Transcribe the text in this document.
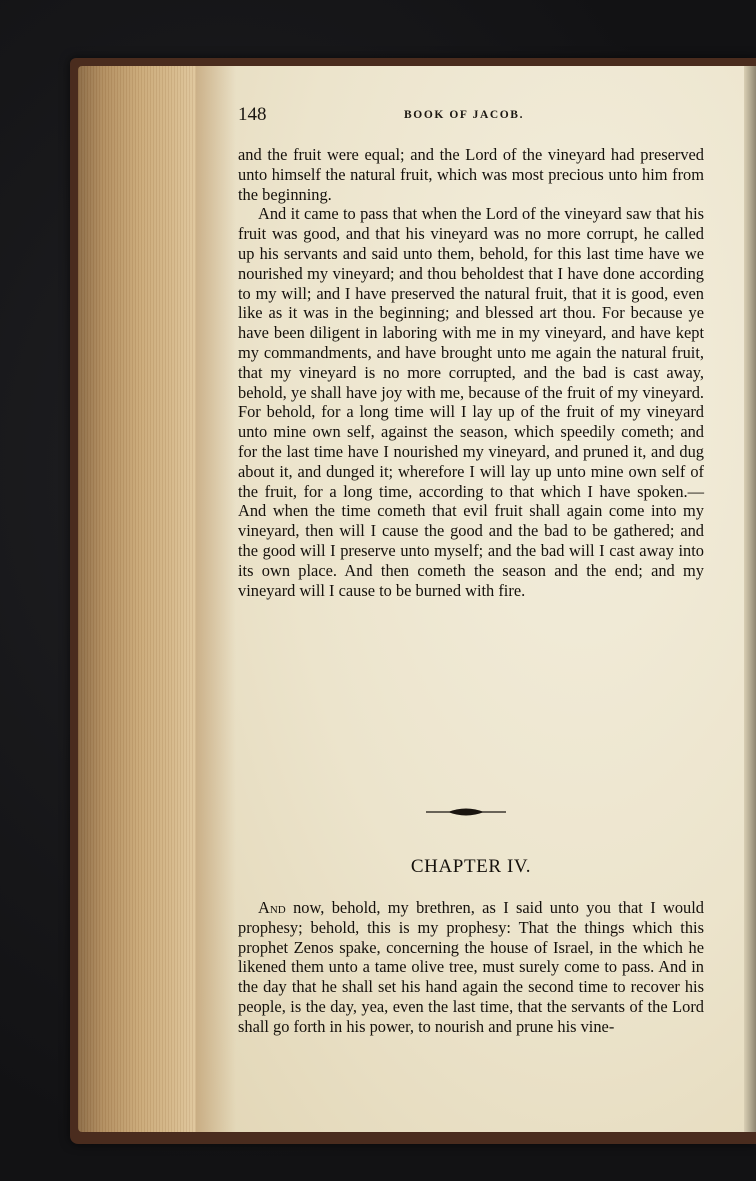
148	BOOK OF JACOB.

and the fruit were equal; and the Lord of the vineyard had preserved unto himself the natural fruit, which was most precious unto him from the beginning.

And it came to pass that when the Lord of the vineyard saw that his fruit was good, and that his vineyard was no more corrupt, he called up his servants and said unto them, behold, for this last time have we nourished my vineyard; and thou beholdest that I have done according to my will; and I have preserved the natural fruit, that it is good, even like as it was in the beginning; and blessed art thou. For because ye have been diligent in laboring with me in my vineyard, and have kept my commandments, and have brought unto me again the natural fruit, that my vineyard is no more corrupted, and the bad is cast away, behold, ye shall have joy with me, because of the fruit of my vineyard. For behold, for a long time will I lay up of the fruit of my vineyard unto mine own self, against the season, which speedily cometh; and for the last time have I nourished my vineyard, and pruned it, and dug about it, and dunged it; wherefore I will lay up unto mine own self of the fruit, for a long time, according to that which I have spoken.— And when the time cometh that evil fruit shall again come into my vineyard, then will I cause the good and the bad to be gathered; and the good will I preserve unto myself; and the bad will I cast away into its own place. And then cometh the season and the end; and my vineyard will I cause to be burned with fire.

CHAPTER IV.

And now, behold, my brethren, as I said unto you that I would prophesy; behold, this is my prophesy: That the things which this prophet Zenos spake, concerning the house of Israel, in the which he likened them unto a tame olive tree, must surely come to pass. And in the day that he shall set his hand again the second time to recover his people, is the day, yea, even the last time, that the servants of the Lord shall go forth in his power, to nourish and prune his vine-
